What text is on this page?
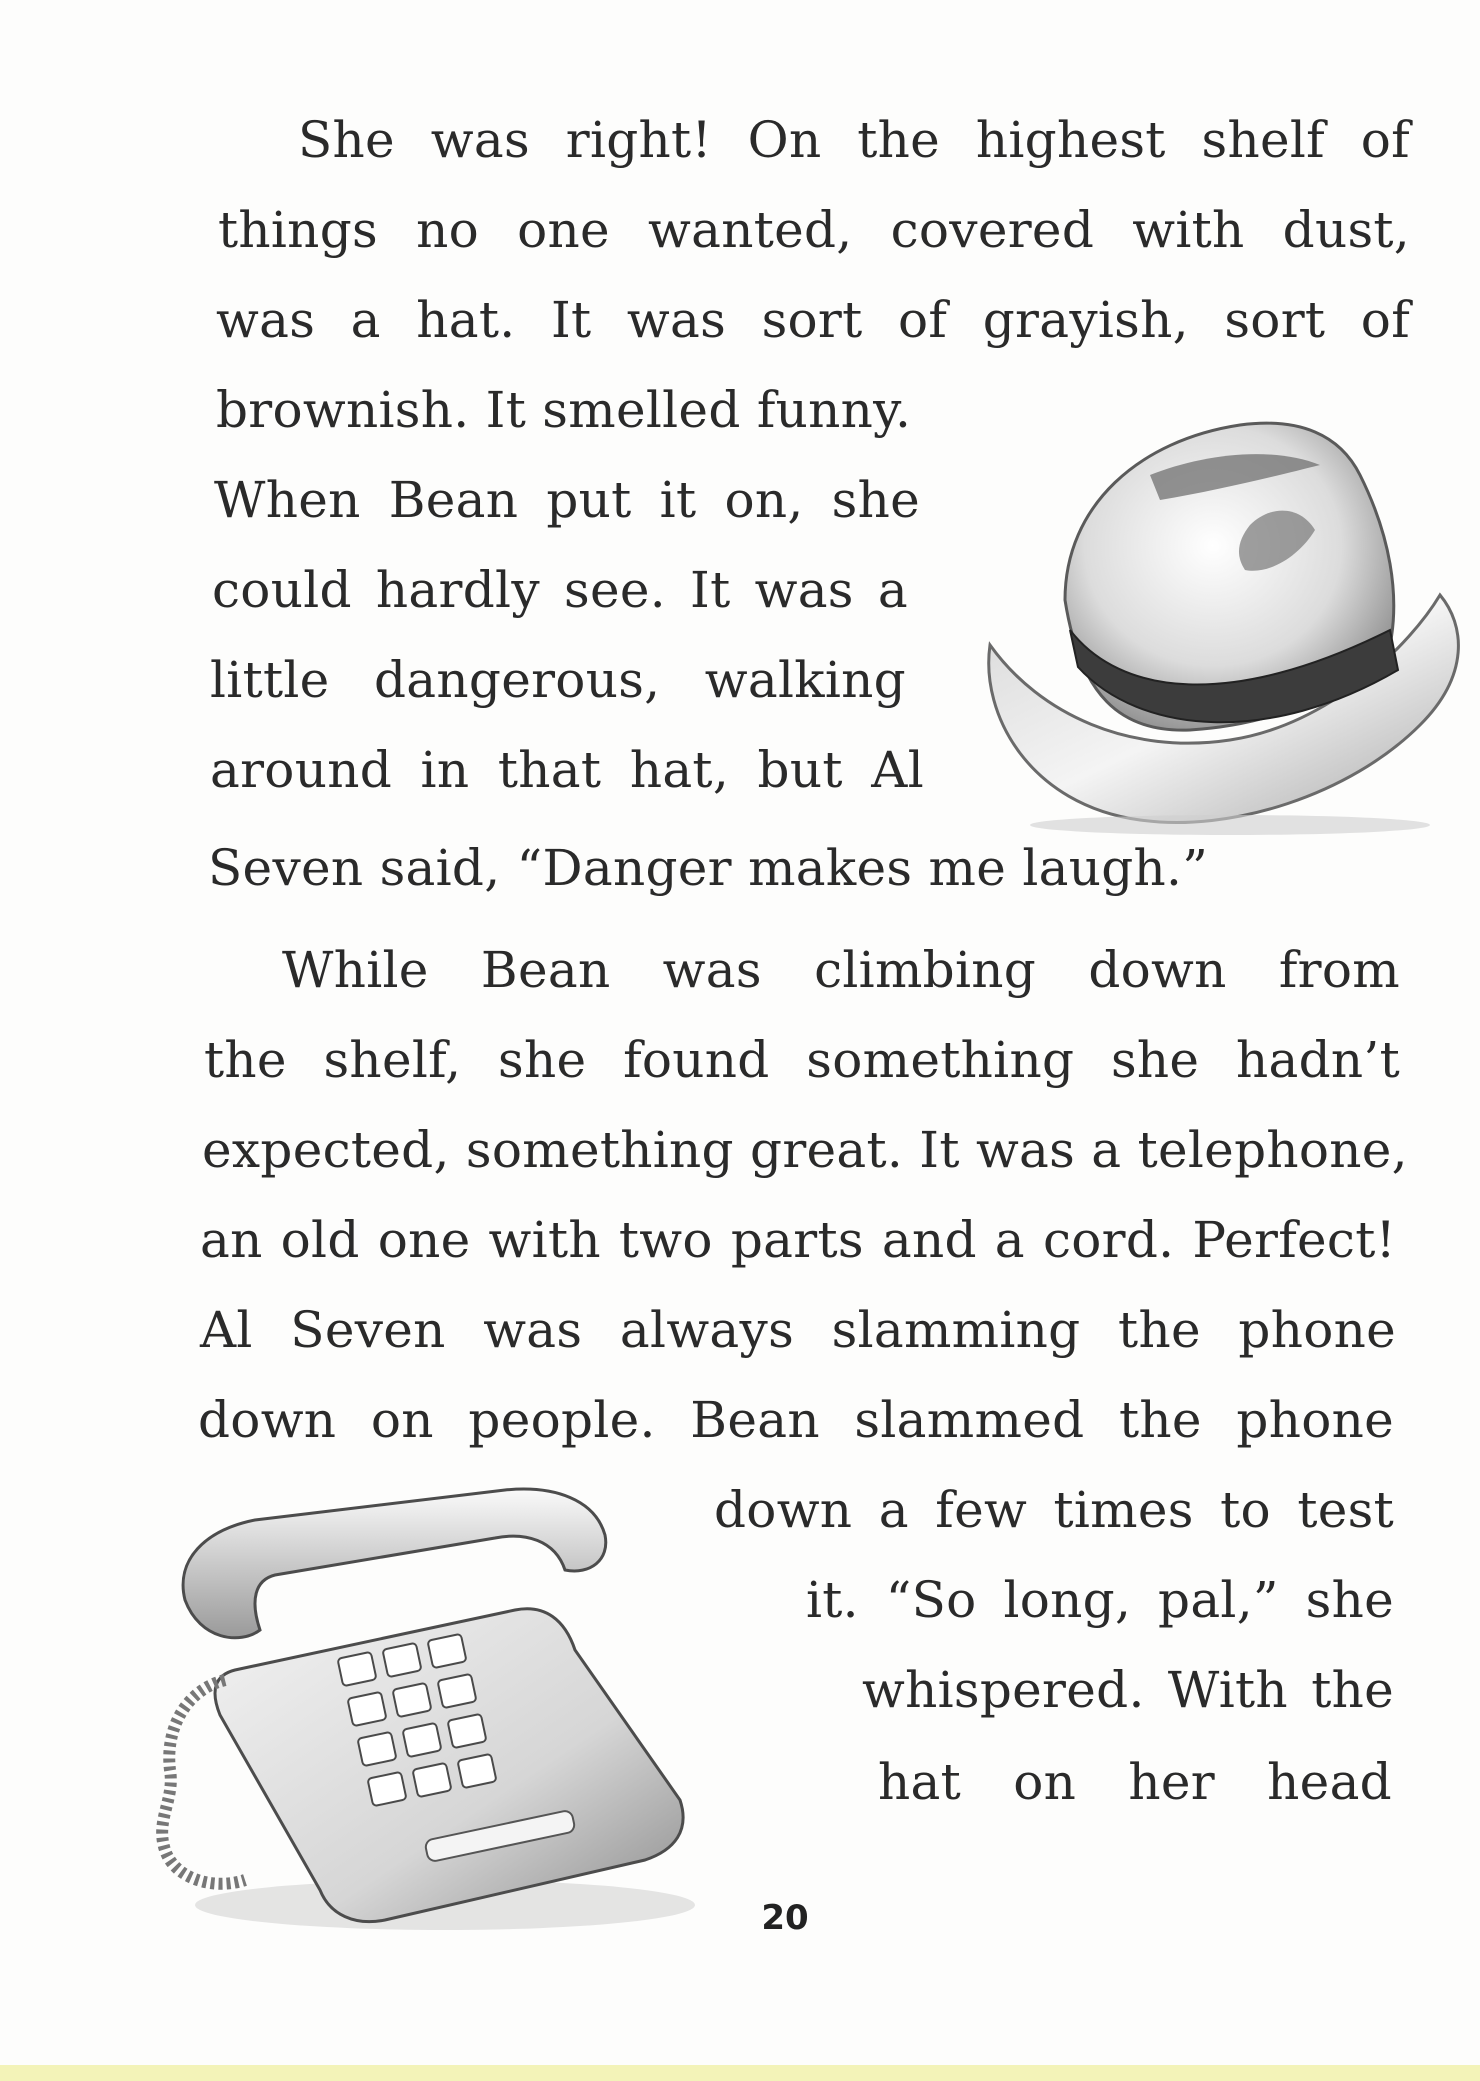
She was right! On the highest shelf of
things no one wanted, covered with dust,
was a hat. It was sort of grayish, sort of
brownish. It smelled funny.
When Bean put it on, she
could hardly see. It was a
little dangerous, walking
around in that hat, but Al
Seven said, “Danger makes me laugh.”
While Bean was climbing down from
the shelf, she found something she hadn’t
expected, something great. It was a telephone,
an old one with two parts and a cord. Perfect!
Al Seven was always slamming the phone
down on people. Bean slammed the phone
down a few times to test
it. “So long, pal,” she
whispered. With the
hat on her head
20
